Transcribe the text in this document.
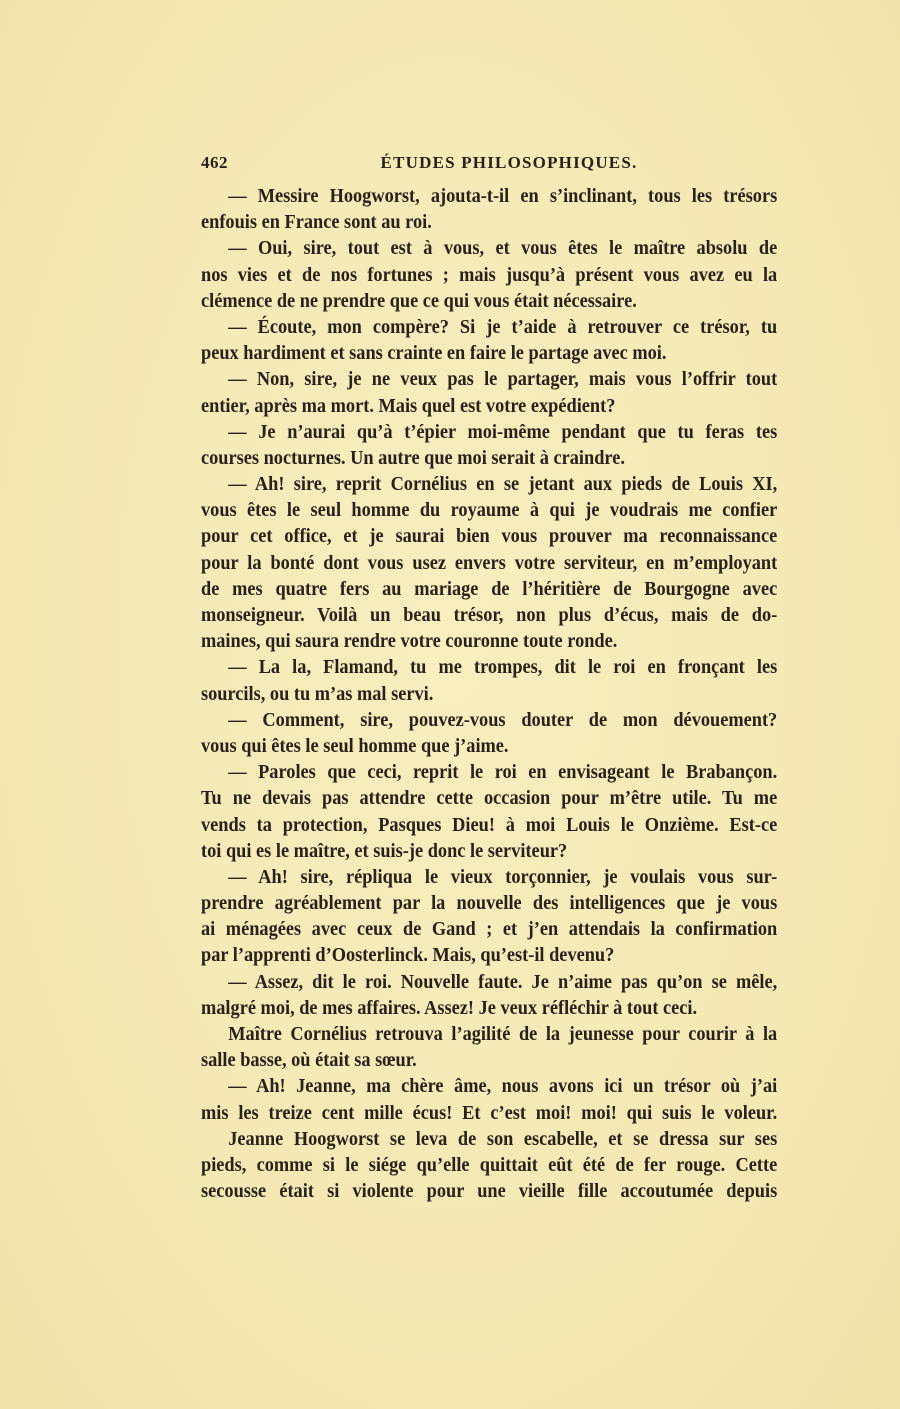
462	ÉTUDES PHILOSOPHIQUES.
— Messire Hoogworst, ajouta-t-il en s’inclinant, tous les trésors
enfouis en France sont au roi.
— Oui, sire, tout est à vous, et vous êtes le maître absolu de
nos vies et de nos fortunes ; mais jusqu’à présent vous avez eu la
clémence de ne prendre que ce qui vous était nécessaire.
— Écoute, mon compère? Si je t’aide à retrouver ce trésor, tu
peux hardiment et sans crainte en faire le partage avec moi.
— Non, sire, je ne veux pas le partager, mais vous l’offrir tout
entier, après ma mort. Mais quel est votre expédient?
— Je n’aurai qu’à t’épier moi-même pendant que tu feras tes
courses nocturnes. Un autre que moi serait à craindre.
— Ah! sire, reprit Cornélius en se jetant aux pieds de Louis XI,
vous êtes le seul homme du royaume à qui je voudrais me confier
pour cet office, et je saurai bien vous prouver ma reconnaissance
pour la bonté dont vous usez envers votre serviteur, en m’employant
de mes quatre fers au mariage de l’héritière de Bourgogne avec
monseigneur. Voilà un beau trésor, non plus d’écus, mais de do-
maines, qui saura rendre votre couronne toute ronde.
— La la, Flamand, tu me trompes, dit le roi en fronçant les
sourcils, ou tu m’as mal servi.
— Comment, sire, pouvez-vous douter de mon dévouement?
vous qui êtes le seul homme que j’aime.
— Paroles que ceci, reprit le roi en envisageant le Brabançon.
Tu ne devais pas attendre cette occasion pour m’être utile. Tu me
vends ta protection, Pasques Dieu! à moi Louis le Onzième. Est-ce
toi qui es le maître, et suis-je donc le serviteur?
— Ah! sire, répliqua le vieux torçonnier, je voulais vous sur-
prendre agréablement par la nouvelle des intelligences que je vous
ai ménagées avec ceux de Gand ; et j’en attendais la confirmation
par l’apprenti d’Oosterlinck. Mais, qu’est-il devenu?
— Assez, dit le roi. Nouvelle faute. Je n’aime pas qu’on se mêle,
malgré moi, de mes affaires. Assez! Je veux réfléchir à tout ceci.
Maître Cornélius retrouva l’agilité de la jeunesse pour courir à la
salle basse, où était sa sœur.
— Ah! Jeanne, ma chère âme, nous avons ici un trésor où j’ai
mis les treize cent mille écus! Et c’est moi! moi! qui suis le voleur.
Jeanne Hoogworst se leva de son escabelle, et se dressa sur ses
pieds, comme si le siége qu’elle quittait eût été de fer rouge. Cette
secousse était si violente pour une vieille fille accoutumée depuis
